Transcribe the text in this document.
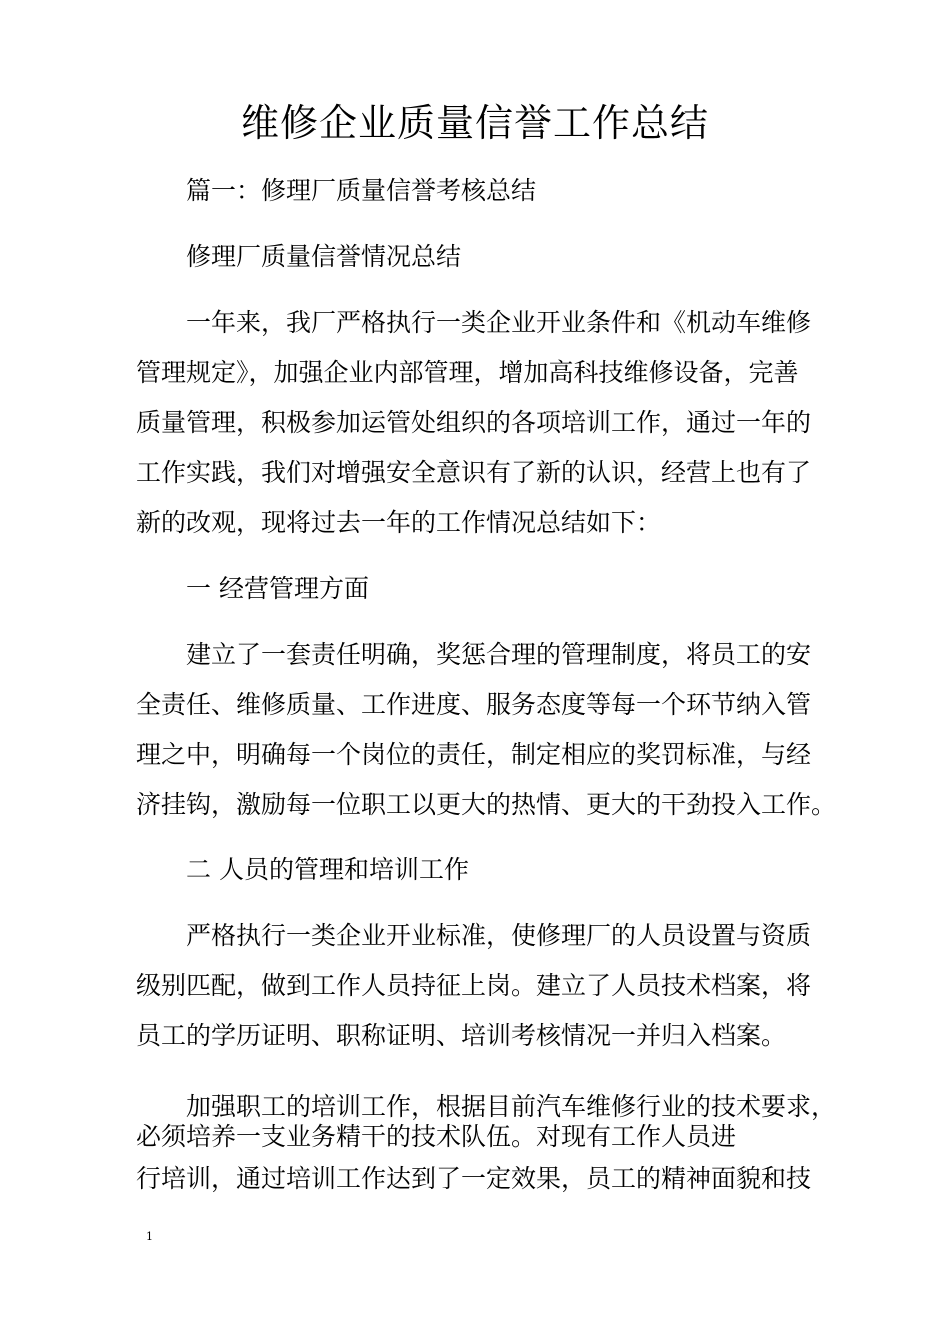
维修企业质量信誉工作总结
篇一：修理厂质量信誉考核总结
修理厂质量信誉情况总结
一年来，我厂严格执行一类企业开业条件和《机动车维修
管理规定》，加强企业内部管理，增加高科技维修设备，完善
质量管理，积极参加运管处组织的各项培训工作，通过一年的
工作实践，我们对增强安全意识有了新的认识，经营上也有了
新的改观，现将过去一年的工作情况总结如下：
一 经营管理方面
建立了一套责任明确，奖惩合理的管理制度，将员工的安
全责任、维修质量、工作进度、服务态度等每一个环节纳入管
理之中，明确每一个岗位的责任，制定相应的奖罚标准，与经
济挂钩，激励每一位职工以更大的热情、更大的干劲投入工作。
二 人员的管理和培训工作
严格执行一类企业开业标准，使修理厂的人员设置与资质
级别匹配，做到工作人员持征上岗。建立了人员技术档案，将
员工的学历证明、职称证明、培训考核情况一并归入档案。
加强职工的培训工作，根据目前汽车维修行业的技术要求，
必须培养一支业务精干的技术队伍。对现有工作人员进
行培训，通过培训工作达到了一定效果，员工的精神面貌和技
1
